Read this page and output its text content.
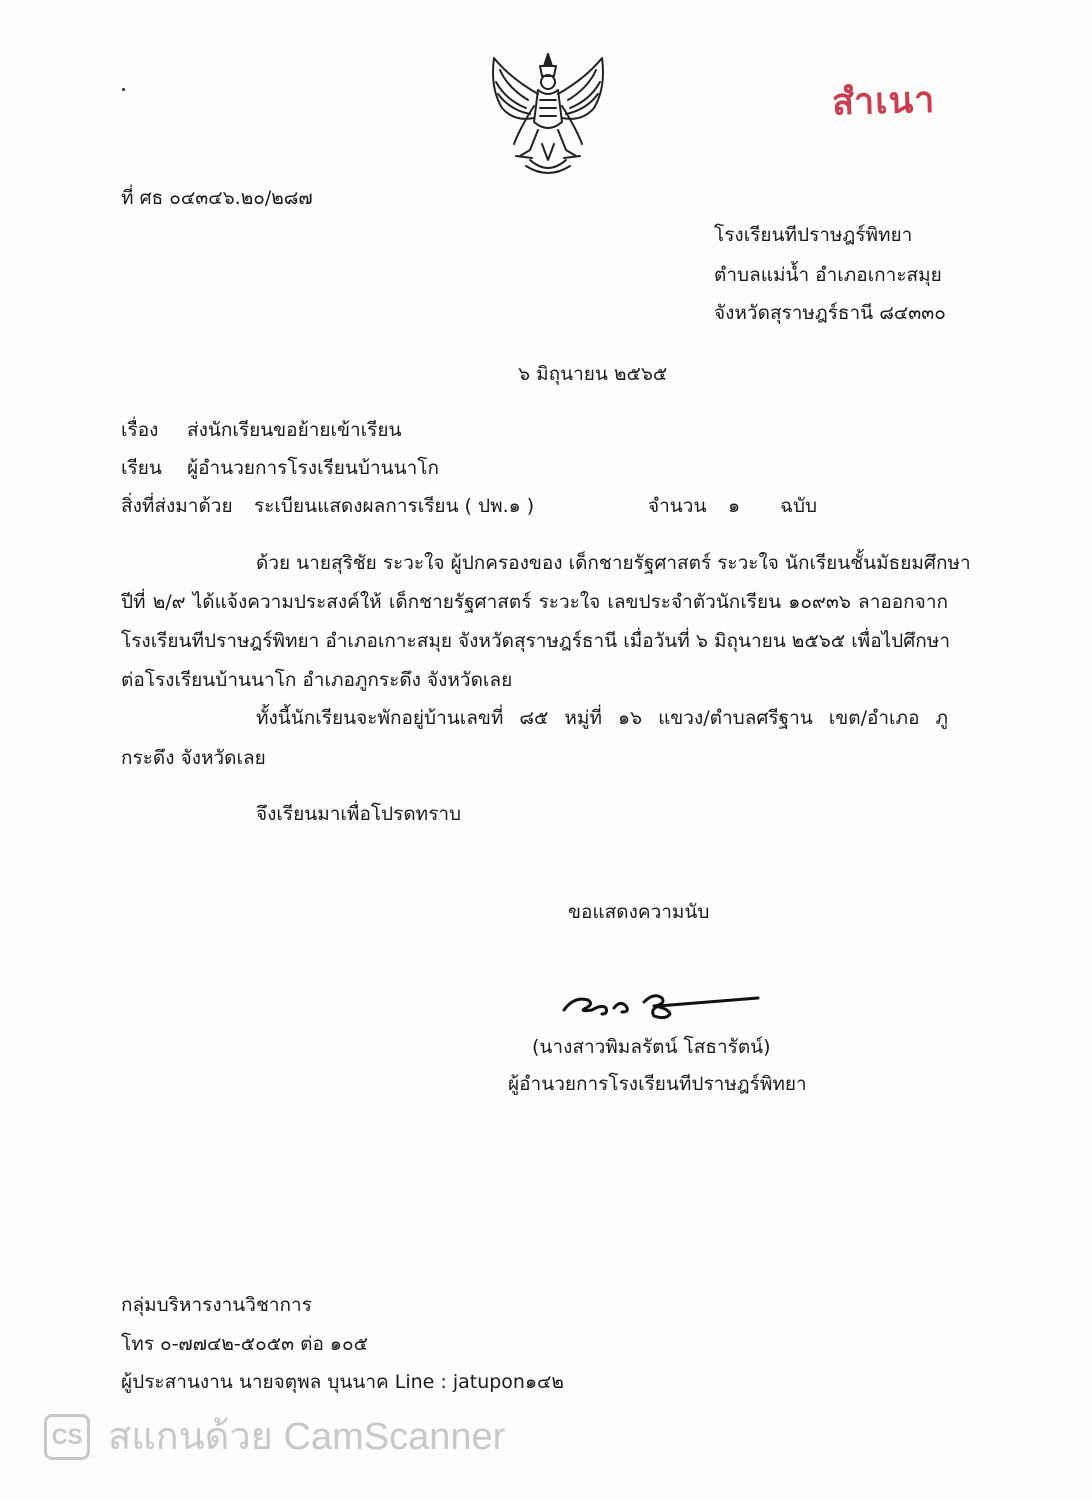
สำเนา
ที่ ศธ ๐๔๓๔๖.๒๐/๒๘๗
โรงเรียนทีปราษฎร์พิทยา
ตำบลแม่น้ำ อำเภอเกาะสมุย
จังหวัดสุราษฎร์ธานี ๘๔๓๓๐
๖ มิถุนายน ๒๕๖๕
เรื่อง ส่งนักเรียนขอย้ายเข้าเรียน
เรียน ผู้อำนวยการโรงเรียนบ้านนาโก
สิ่งที่ส่งมาด้วย ระเบียนแสดงผลการเรียน ( ปพ.๑ )	จำนวน ๑ ฉบับ
ด้วย นายสุริชัย ระวะใจ ผู้ปกครองของ เด็กชายรัฐศาสตร์ ระวะใจ นักเรียนชั้นมัธยมศึกษา
ปีที่ ๒/๙ ได้แจ้งความประสงค์ให้ เด็กชายรัฐศาสตร์ ระวะใจ เลขประจำตัวนักเรียน ๑๐๙๓๖ ลาออกจาก
โรงเรียนทีปราษฎร์พิทยา อำเภอเกาะสมุย จังหวัดสุราษฎร์ธานี เมื่อวันที่ ๖ มิถุนายน ๒๕๖๕ เพื่อไปศึกษา
ต่อโรงเรียนบ้านนาโก อำเภอภูกระดึง จังหวัดเลย
ทั้งนี้นักเรียนจะพักอยู่บ้านเลขที่ ๘๕ หมู่ที่ ๑๖ แขวง/ตำบลศรีฐาน เขต/อำเภอ ภู
กระดึง จังหวัดเลย
จึงเรียนมาเพื่อโปรดทราบ
ขอแสดงความนับ
(นางสาวพิมลรัตน์ โสธารัตน์)
ผู้อำนวยการโรงเรียนทีปราษฎร์พิทยา
กลุ่มบริหารงานวิชาการ
โทร ๐-๗๗๔๒-๕๐๕๓ ต่อ ๑๐๕
ผู้ประสานงาน นายจตุพล บุนนาค Line : jatupon๑๔๒
CS สแกนด้วย CamScanner
